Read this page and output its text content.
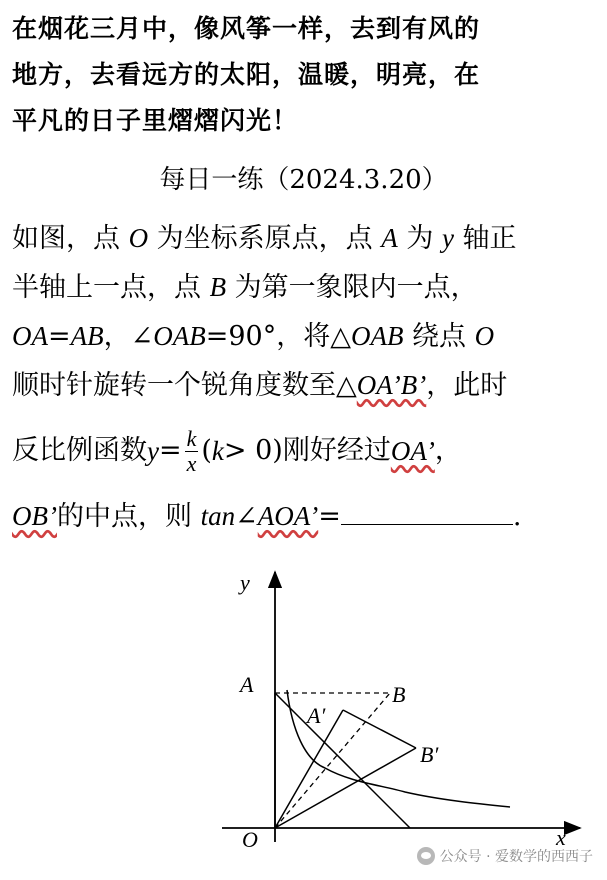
在烟花三月中，像风筝一样，去到有风的
地方，去看远方的太阳，温暖，明亮，在
平凡的日子里熠熠闪光！
每日一练（2024.3.20）

如图，点 O 为坐标系原点，点 A 为 y 轴正

半轴上一点，点 B 为第一象限内一点，

OA=AB，∠OAB=90°，将△OAB 绕点 O

顺时针旋转一个锐角度数至△OA’B’，此时

反比例函数 $y = \frac{k}{x}$ ( k > 0)刚好经过 OA’ ，

OB’的中点，则 tan∠AOA’=	.

y
x
O
A	B
A′
B′
公众号 · 爱数学的西西子
